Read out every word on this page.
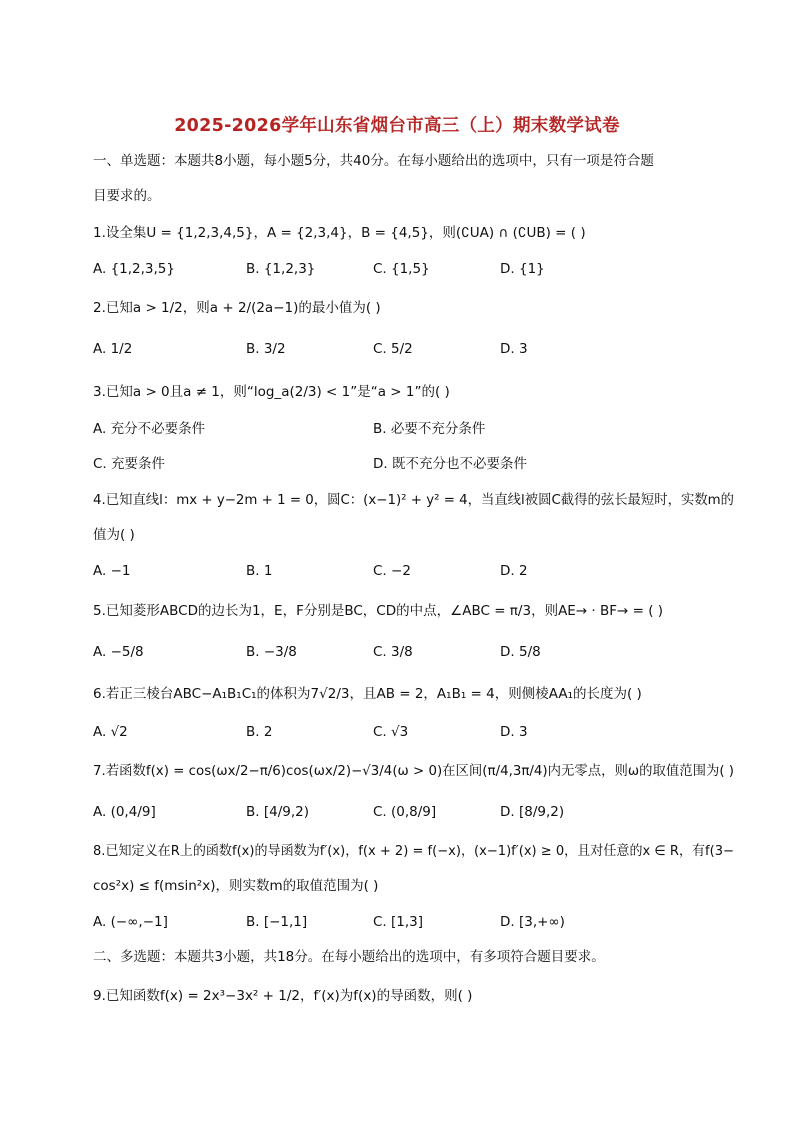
2025-2026学年山东省烟台市高三（上）期末数学试卷
一、单选题：本题共8小题，每小题5分，共40分。在每小题给出的选项中，只有一项是符合题
目要求的。
1.设全集U = {1,2,3,4,5}，A = {2,3,4}，B = {4,5}，则(∁UA) ∩ (∁UB) = ( )
A. {1,2,3,5}	B. {1,2,3}	C. {1,5}	D. {1}
2.已知a > 1/2，则a + 2/(2a−1)的最小值为( )
A. 1/2	B. 3/2	C. 5/2	D. 3
3.已知a > 0且a ≠ 1，则“log_a(2/3) < 1”是“a > 1”的( )
A. 充分不必要条件	B. 必要不充分条件
C. 充要条件	D. 既不充分也不必要条件
4.已知直线l：mx + y−2m + 1 = 0，圆C：(x−1)² + y² = 4，当直线l被圆C截得的弦长最短时，实数m的
值为( )
A. −1	B. 1	C. −2	D. 2
5.已知菱形ABCD的边长为1，E，F分别是BC，CD的中点，∠ABC = π/3，则AE→ · BF→ = ( )
A. −5/8	B. −3/8	C. 3/8	D. 5/8
6.若正三棱台ABC−A₁B₁C₁的体积为7√2/3，且AB = 2，A₁B₁ = 4，则侧棱AA₁的长度为( )
A. √2	B. 2	C. √3	D. 3
7.若函数f(x) = cos(ωx/2−π/6)cos(ωx/2)−√3/4(ω > 0)在区间(π/4,3π/4)内无零点，则ω的取值范围为( )
A. (0,4/9]	B. [4/9,2)	C. (0,8/9]	D. [8/9,2)
8.已知定义在R上的函数f(x)的导函数为f′(x)，f(x + 2) = f(−x)，(x−1)f′(x) ≥ 0，且对任意的x ∈ R，有f(3−
cos²x) ≤ f(msin²x)，则实数m的取值范围为( )
A. (−∞,−1]	B. [−1,1]	C. [1,3]	D. [3,+∞)
二、多选题：本题共3小题，共18分。在每小题给出的选项中，有多项符合题目要求。
9.已知函数f(x) = 2x³−3x² + 1/2，f′(x)为f(x)的导函数，则( )
